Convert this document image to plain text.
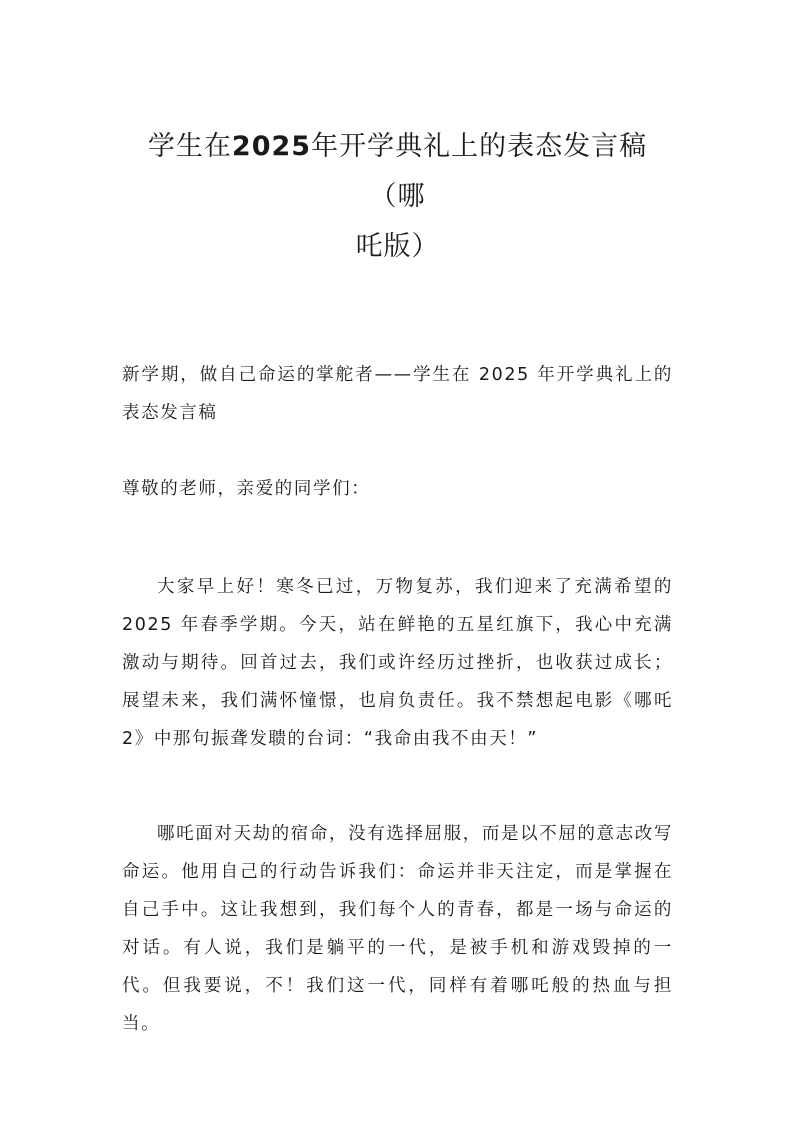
学生在2025年开学典礼上的表态发言稿（哪
吒版）

新学期，做自己命运的掌舵者——学生在 2025 年开学典礼上的表态发言稿

尊敬的老师，亲爱的同学们：

大家早上好！寒冬已过，万物复苏，我们迎来了充满希望的 2025 年春季学期。今天，站在鲜艳的五星红旗下，我心中充满激动与期待。回首过去，我们或许经历过挫折，也收获过成长；展望未来，我们满怀憧憬，也肩负责任。我不禁想起电影《哪吒 2》中那句振聋发聩的台词：“我命由我不由天！”

哪吒面对天劫的宿命，没有选择屈服，而是以不屈的意志改写命运。他用自己的行动告诉我们：命运并非天注定，而是掌握在自己手中。这让我想到，我们每个人的青春，都是一场与命运的对话。有人说，我们是躺平的一代，是被手机和游戏毁掉的一代。但我要说，不！我们这一代，同样有着哪吒般的热血与担当。
